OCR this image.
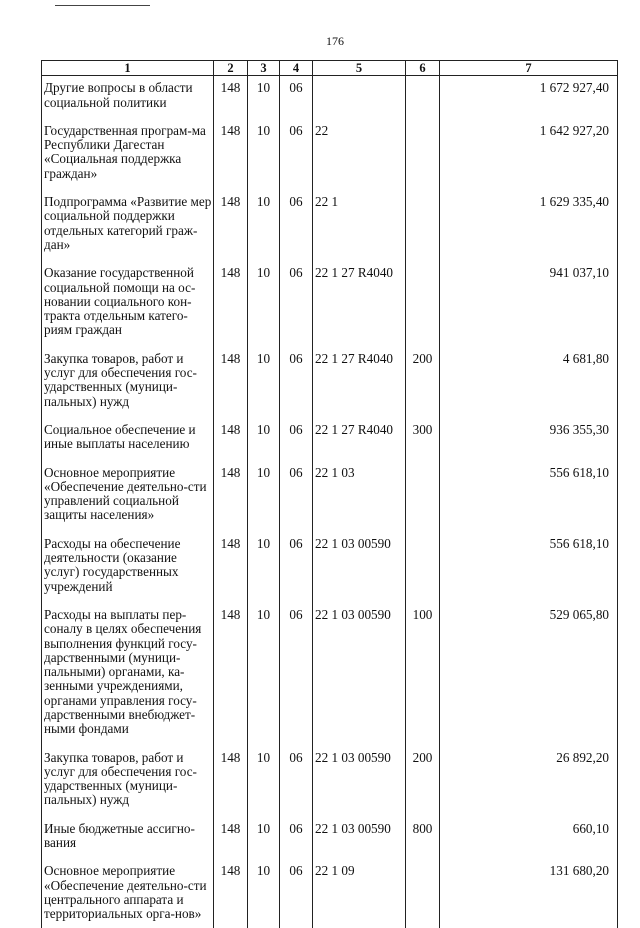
176
1	2	3	4	5	6	7
Другие вопросы в области социальной политики	148	10	06			1 672 927,40
Государственная програм-ма Республики Дагестан «Социальная поддержка граждан»	148	10	06	22		1 642 927,20
Подпрограмма «Развитие мер социальной поддержки отдельных категорий граж-дан»	148	10	06	22 1		1 629 335,40
Оказание государственной социальной помощи на ос-новании социального кон-тракта отдельным катего-риям граждан	148	10	06	22 1 27 R4040		941 037,10
Закупка товаров, работ и услуг для обеспечения гос-ударственных (муници-пальных) нужд	148	10	06	22 1 27 R4040	200	4 681,80
Социальное обеспечение и иные выплаты населению	148	10	06	22 1 27 R4040	300	936 355,30
Основное мероприятие «Обеспечение деятельно-сти управлений социальной защиты населения»	148	10	06	22 1 03		556 618,10
Расходы на обеспечение деятельности (оказание услуг) государственных учреждений	148	10	06	22 1 03 00590		556 618,10
Расходы на выплаты пер-соналу в целях обеспечения выполнения функций госу-дарственными (муници-пальными) органами, ка-зенными учреждениями, органами управления госу-дарственными внебюджет-ными фондами	148	10	06	22 1 03 00590	100	529 065,80
Закупка товаров, работ и услуг для обеспечения гос-ударственных (муници-пальных) нужд	148	10	06	22 1 03 00590	200	26 892,20
Иные бюджетные ассигно-вания	148	10	06	22 1 03 00590	800	660,10
Основное мероприятие «Обеспечение деятельно-сти центрального аппарата и территориальных орга-нов»	148	10	06	22 1 09		131 680,20
